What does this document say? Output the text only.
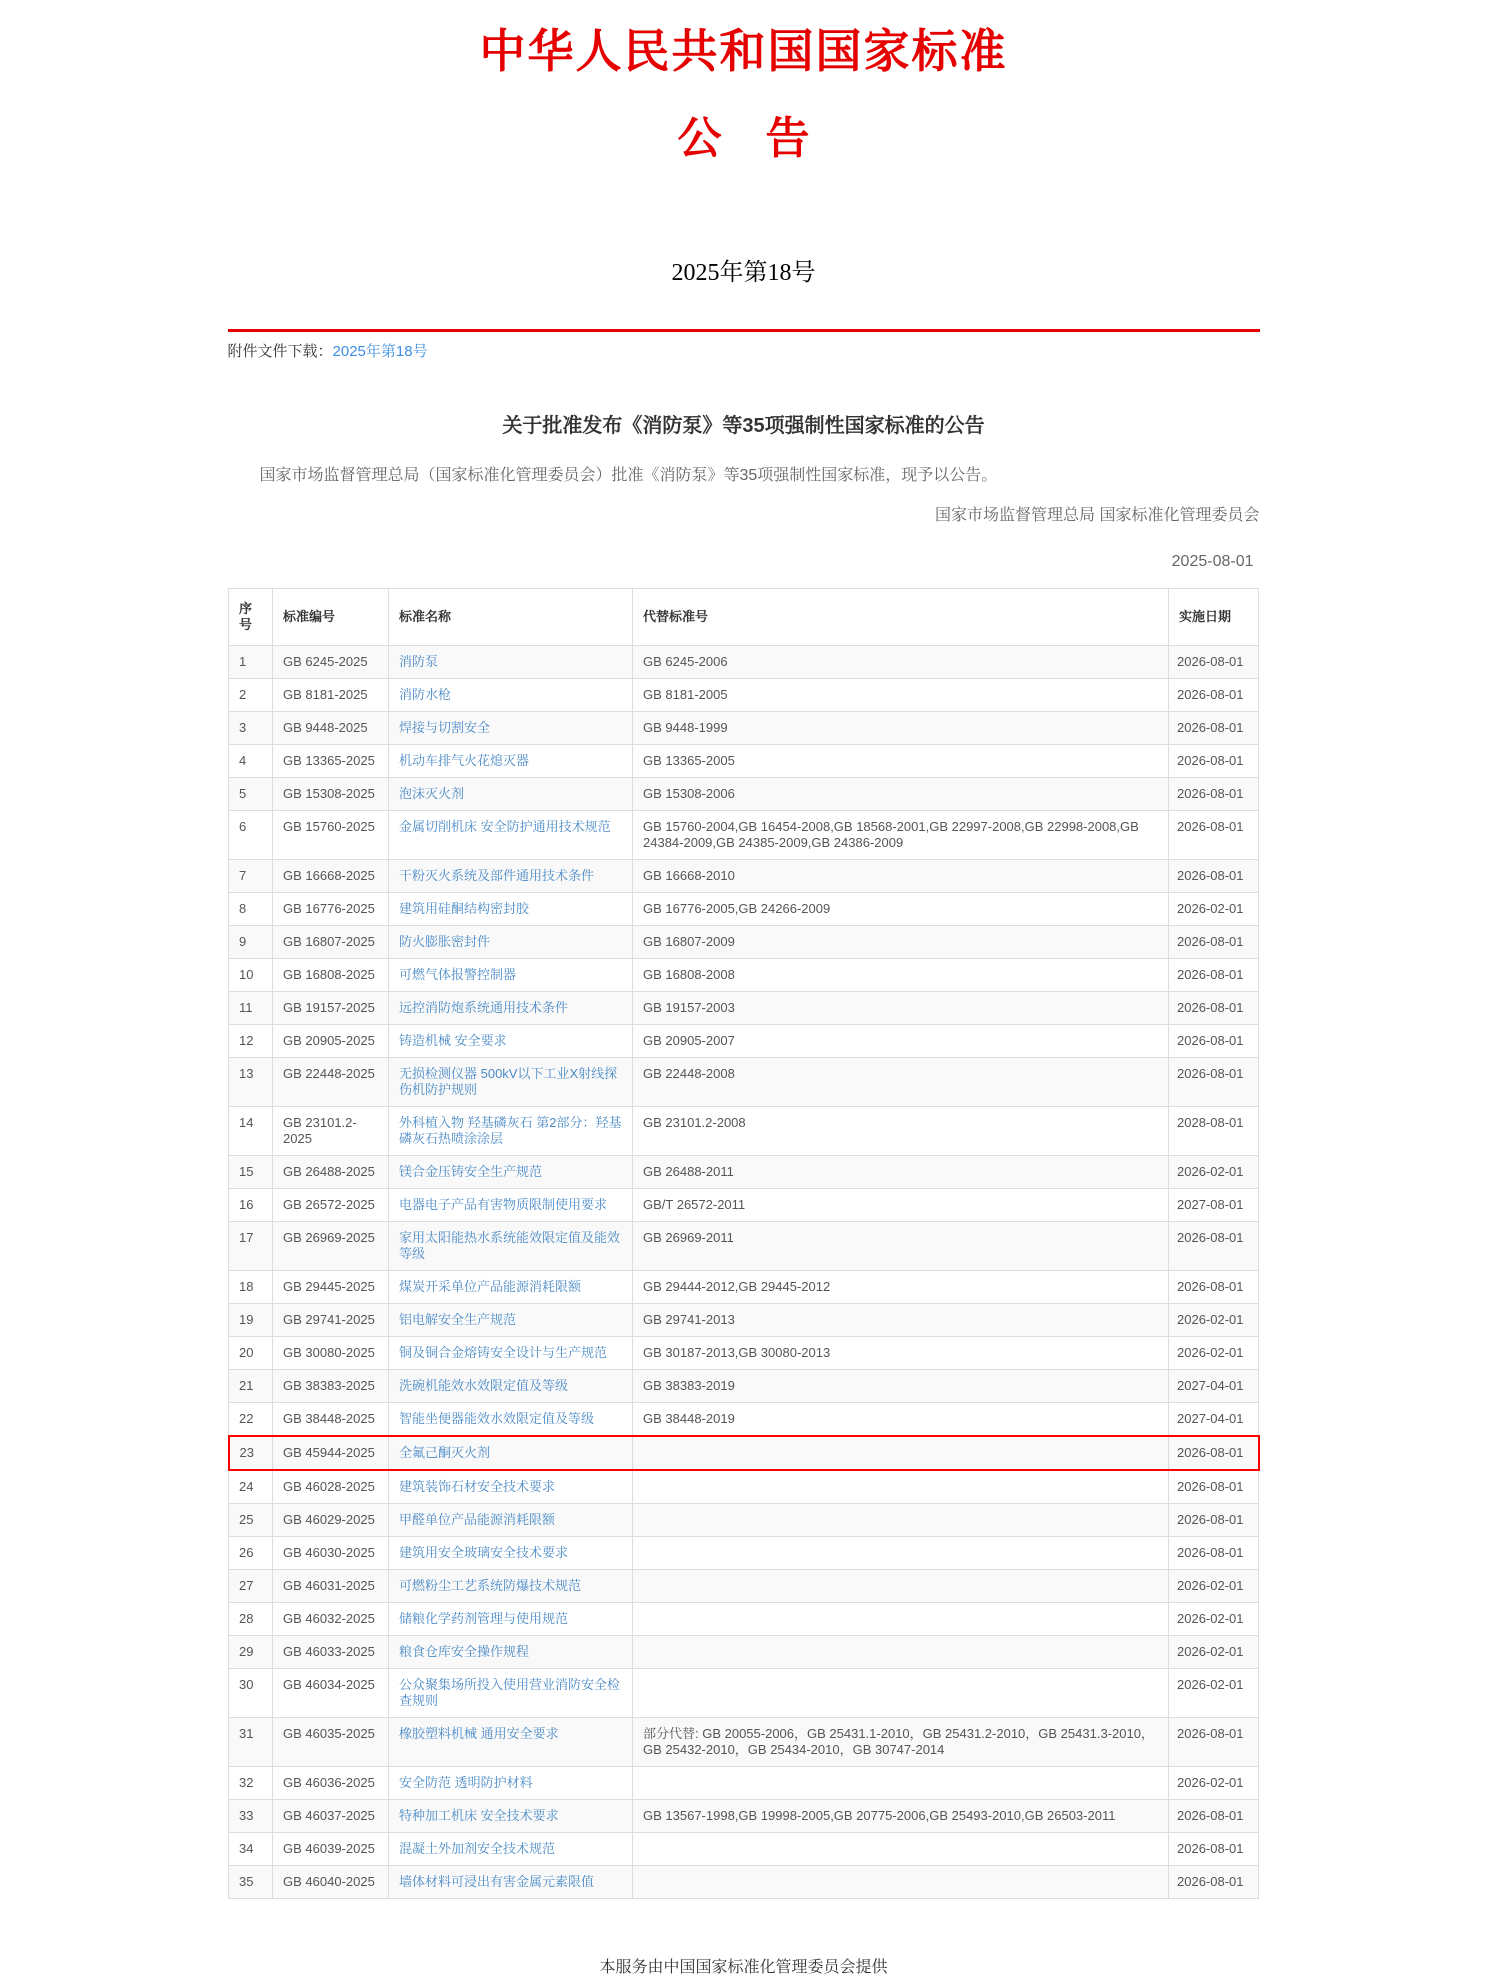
中华人民共和国国家标准
公　告
2025年第18号
附件文件下载：2025年第18号
关于批准发布《消防泵》等35项强制性国家标准的公告
国家市场监督管理总局（国家标准化管理委员会）批准《消防泵》等35项强制性国家标准，现予以公告。
国家市场监督管理总局 国家标准化管理委员会
2025-08-01
序号	标准编号	标准名称	代替标准号	实施日期
1	GB 6245-2025	消防泵	GB 6245-2006	2026-08-01
2	GB 8181-2025	消防水枪	GB 8181-2005	2026-08-01
3	GB 9448-2025	焊接与切割安全	GB 9448-1999	2026-08-01
4	GB 13365-2025	机动车排气火花熄灭器	GB 13365-2005	2026-08-01
5	GB 15308-2025	泡沫灭火剂	GB 15308-2006	2026-08-01
6	GB 15760-2025	金属切削机床 安全防护通用技术规范	GB 15760-2004,GB 16454-2008,GB 18568-2001,GB 22997-2008,GB 22998-2008,GB 24384-2009,GB 24385-2009,GB 24386-2009	2026-08-01
7	GB 16668-2025	干粉灭火系统及部件通用技术条件	GB 16668-2010	2026-08-01
8	GB 16776-2025	建筑用硅酮结构密封胶	GB 16776-2005,GB 24266-2009	2026-02-01
9	GB 16807-2025	防火膨胀密封件	GB 16807-2009	2026-08-01
10	GB 16808-2025	可燃气体报警控制器	GB 16808-2008	2026-08-01
11	GB 19157-2025	远控消防炮系统通用技术条件	GB 19157-2003	2026-08-01
12	GB 20905-2025	铸造机械 安全要求	GB 20905-2007	2026-08-01
13	GB 22448-2025	无损检测仪器 500kV以下工业X射线探伤机防护规则	GB 22448-2008	2026-08-01
14	GB 23101.2-2025	外科植入物 羟基磷灰石 第2部分：羟基磷灰石热喷涂涂层	GB 23101.2-2008	2028-08-01
15	GB 26488-2025	镁合金压铸安全生产规范	GB 26488-2011	2026-02-01
16	GB 26572-2025	电器电子产品有害物质限制使用要求	GB/T 26572-2011	2027-08-01
17	GB 26969-2025	家用太阳能热水系统能效限定值及能效等级	GB 26969-2011	2026-08-01
18	GB 29445-2025	煤炭开采单位产品能源消耗限额	GB 29444-2012,GB 29445-2012	2026-08-01
19	GB 29741-2025	铝电解安全生产规范	GB 29741-2013	2026-02-01
20	GB 30080-2025	铜及铜合金熔铸安全设计与生产规范	GB 30187-2013,GB 30080-2013	2026-02-01
21	GB 38383-2025	洗碗机能效水效限定值及等级	GB 38383-2019	2027-04-01
22	GB 38448-2025	智能坐便器能效水效限定值及等级	GB 38448-2019	2027-04-01
23	GB 45944-2025	全氟己酮灭火剂		2026-08-01
24	GB 46028-2025	建筑装饰石材安全技术要求		2026-08-01
25	GB 46029-2025	甲醛单位产品能源消耗限额		2026-08-01
26	GB 46030-2025	建筑用安全玻璃安全技术要求		2026-08-01
27	GB 46031-2025	可燃粉尘工艺系统防爆技术规范		2026-02-01
28	GB 46032-2025	储粮化学药剂管理与使用规范		2026-02-01
29	GB 46033-2025	粮食仓库安全操作规程		2026-02-01
30	GB 46034-2025	公众聚集场所投入使用营业消防安全检查规则		2026-02-01
31	GB 46035-2025	橡胶塑料机械 通用安全要求	部分代替: GB 20055-2006，GB 25431.1-2010，GB 25431.2-2010，GB 25431.3-2010，GB 25432-2010，GB 25434-2010，GB 30747-2014	2026-08-01
32	GB 46036-2025	安全防范 透明防护材料		2026-02-01
33	GB 46037-2025	特种加工机床 安全技术要求	GB 13567-1998,GB 19998-2005,GB 20775-2006,GB 25493-2010,GB 26503-2011	2026-08-01
34	GB 46039-2025	混凝土外加剂安全技术规范		2026-08-01
35	GB 46040-2025	墙体材料可浸出有害金属元素限值		2026-08-01
本服务由中国国家标准化管理委员会提供
